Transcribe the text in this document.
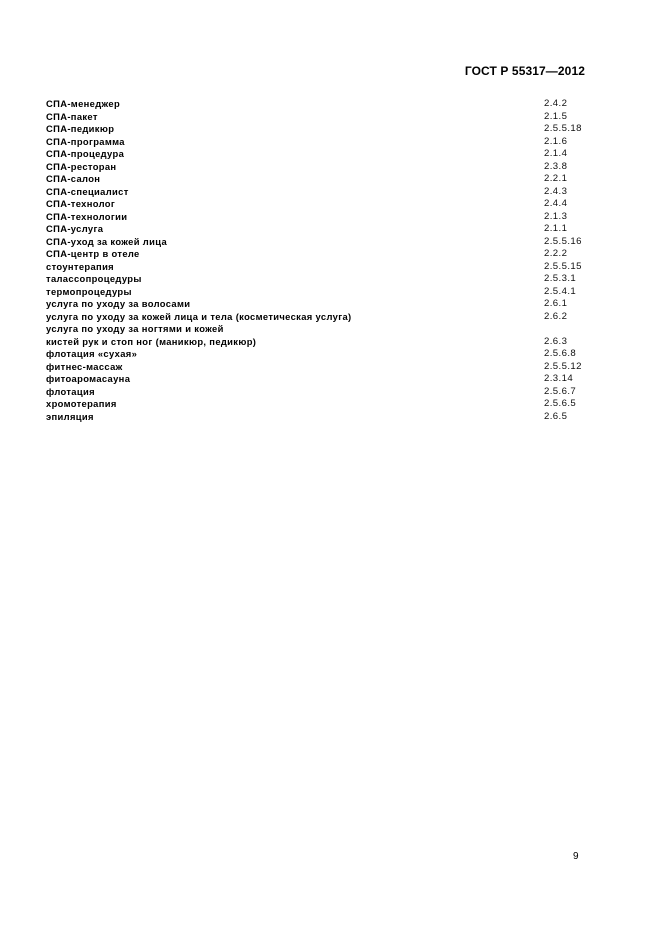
ГОСТ Р 55317—2012
СПА-менеджер	2.4.2
СПА-пакет	2.1.5
СПА-педикюр	2.5.5.18
СПА-программа	2.1.6
СПА-процедура	2.1.4
СПА-ресторан	2.3.8
СПА-салон	2.2.1
СПА-специалист	2.4.3
СПА-технолог	2.4.4
СПА-технологии	2.1.3
СПА-услуга	2.1.1
СПА-уход за кожей лица	2.5.5.16
СПА-центр в отеле	2.2.2
стоунтерапия	2.5.5.15
талассопроцедуры	2.5.3.1
термопроцедуры	2.5.4.1
услуга по уходу за волосами	2.6.1
услуга по уходу за кожей лица и тела (косметическая услуга)	2.6.2
услуга по уходу за ногтями и кожей
кистей рук и стоп ног (маникюр, педикюр)	2.6.3
флотация «сухая»	2.5.6.8
фитнес-массаж	2.5.5.12
фитоаромасауна	2.3.14
флотация	2.5.6.7
хромотерапия	2.5.6.5
эпиляция	2.6.5
9
